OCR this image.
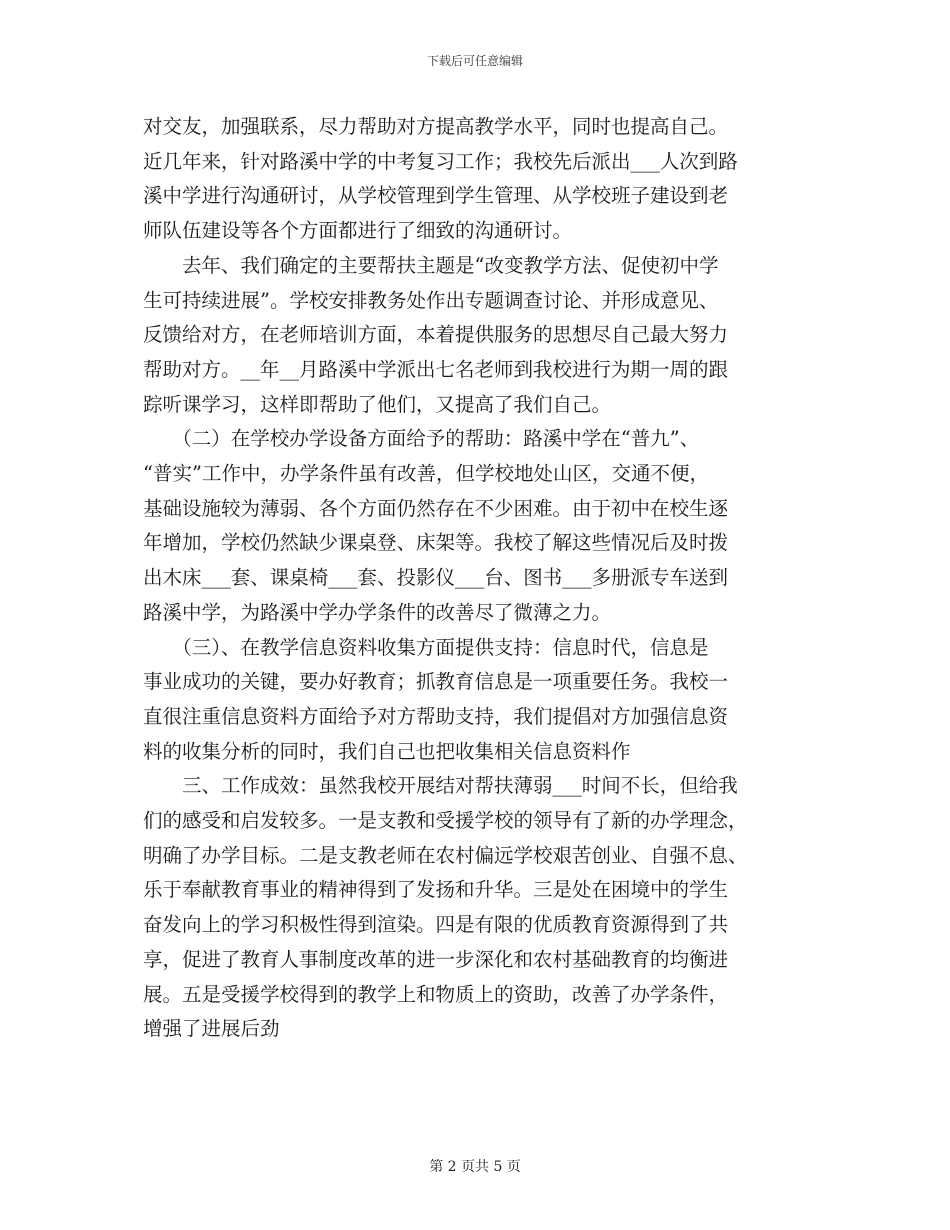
下载后可任意编辑

对交友，加强联系，尽力帮助对方提高教学水平，同时也提高自己。
近几年来，针对路溪中学的中考复习工作；我校先后派出___人次到路
溪中学进行沟通研讨，从学校管理到学生管理、从学校班子建设到老
师队伍建设等各个方面都进行了细致的沟通研讨。

　　去年、我们确定的主要帮扶主题是“改变教学方法、促使初中学
生可持续进展”。学校安排教务处作出专题调查讨论、并形成意见、
反馈给对方，在老师培训方面，本着提供服务的思想尽自己最大努力
帮助对方。__年__月路溪中学派出七名老师到我校进行为期一周的跟
踪听课学习，这样即帮助了他们，又提高了我们自己。

　　（二）在学校办学设备方面给予的帮助：路溪中学在“普九”、
“普实”工作中，办学条件虽有改善，但学校地处山区，交通不便，
基础设施较为薄弱、各个方面仍然存在不少困难。由于初中在校生逐
年增加，学校仍然缺少课桌登、床架等。我校了解这些情况后及时拨
出木床___套、课桌椅___套、投影仪___台、图书___多册派专车送到
路溪中学，为路溪中学办学条件的改善尽了微薄之力。

　　（三）、在教学信息资料收集方面提供支持：信息时代，信息是
事业成功的关键，要办好教育；抓教育信息是一项重要任务。我校一
直很注重信息资料方面给予对方帮助支持，我们提倡对方加强信息资
料的收集分析的同时，我们自己也把收集相关信息资料作

　　三、工作成效：虽然我校开展结对帮扶薄弱___时间不长，但给我
们的感受和启发较多。一是支教和受援学校的领导有了新的办学理念，
明确了办学目标。二是支教老师在农村偏远学校艰苦创业、自强不息、
乐于奉献教育事业的精神得到了发扬和升华。三是处在困境中的学生
奋发向上的学习积极性得到渲染。四是有限的优质教育资源得到了共
享，促进了教育人事制度改革的进一步深化和农村基础教育的均衡进
展。五是受援学校得到的教学上和物质上的资助，改善了办学条件，
增强了进展后劲

第 2 页共 5 页
